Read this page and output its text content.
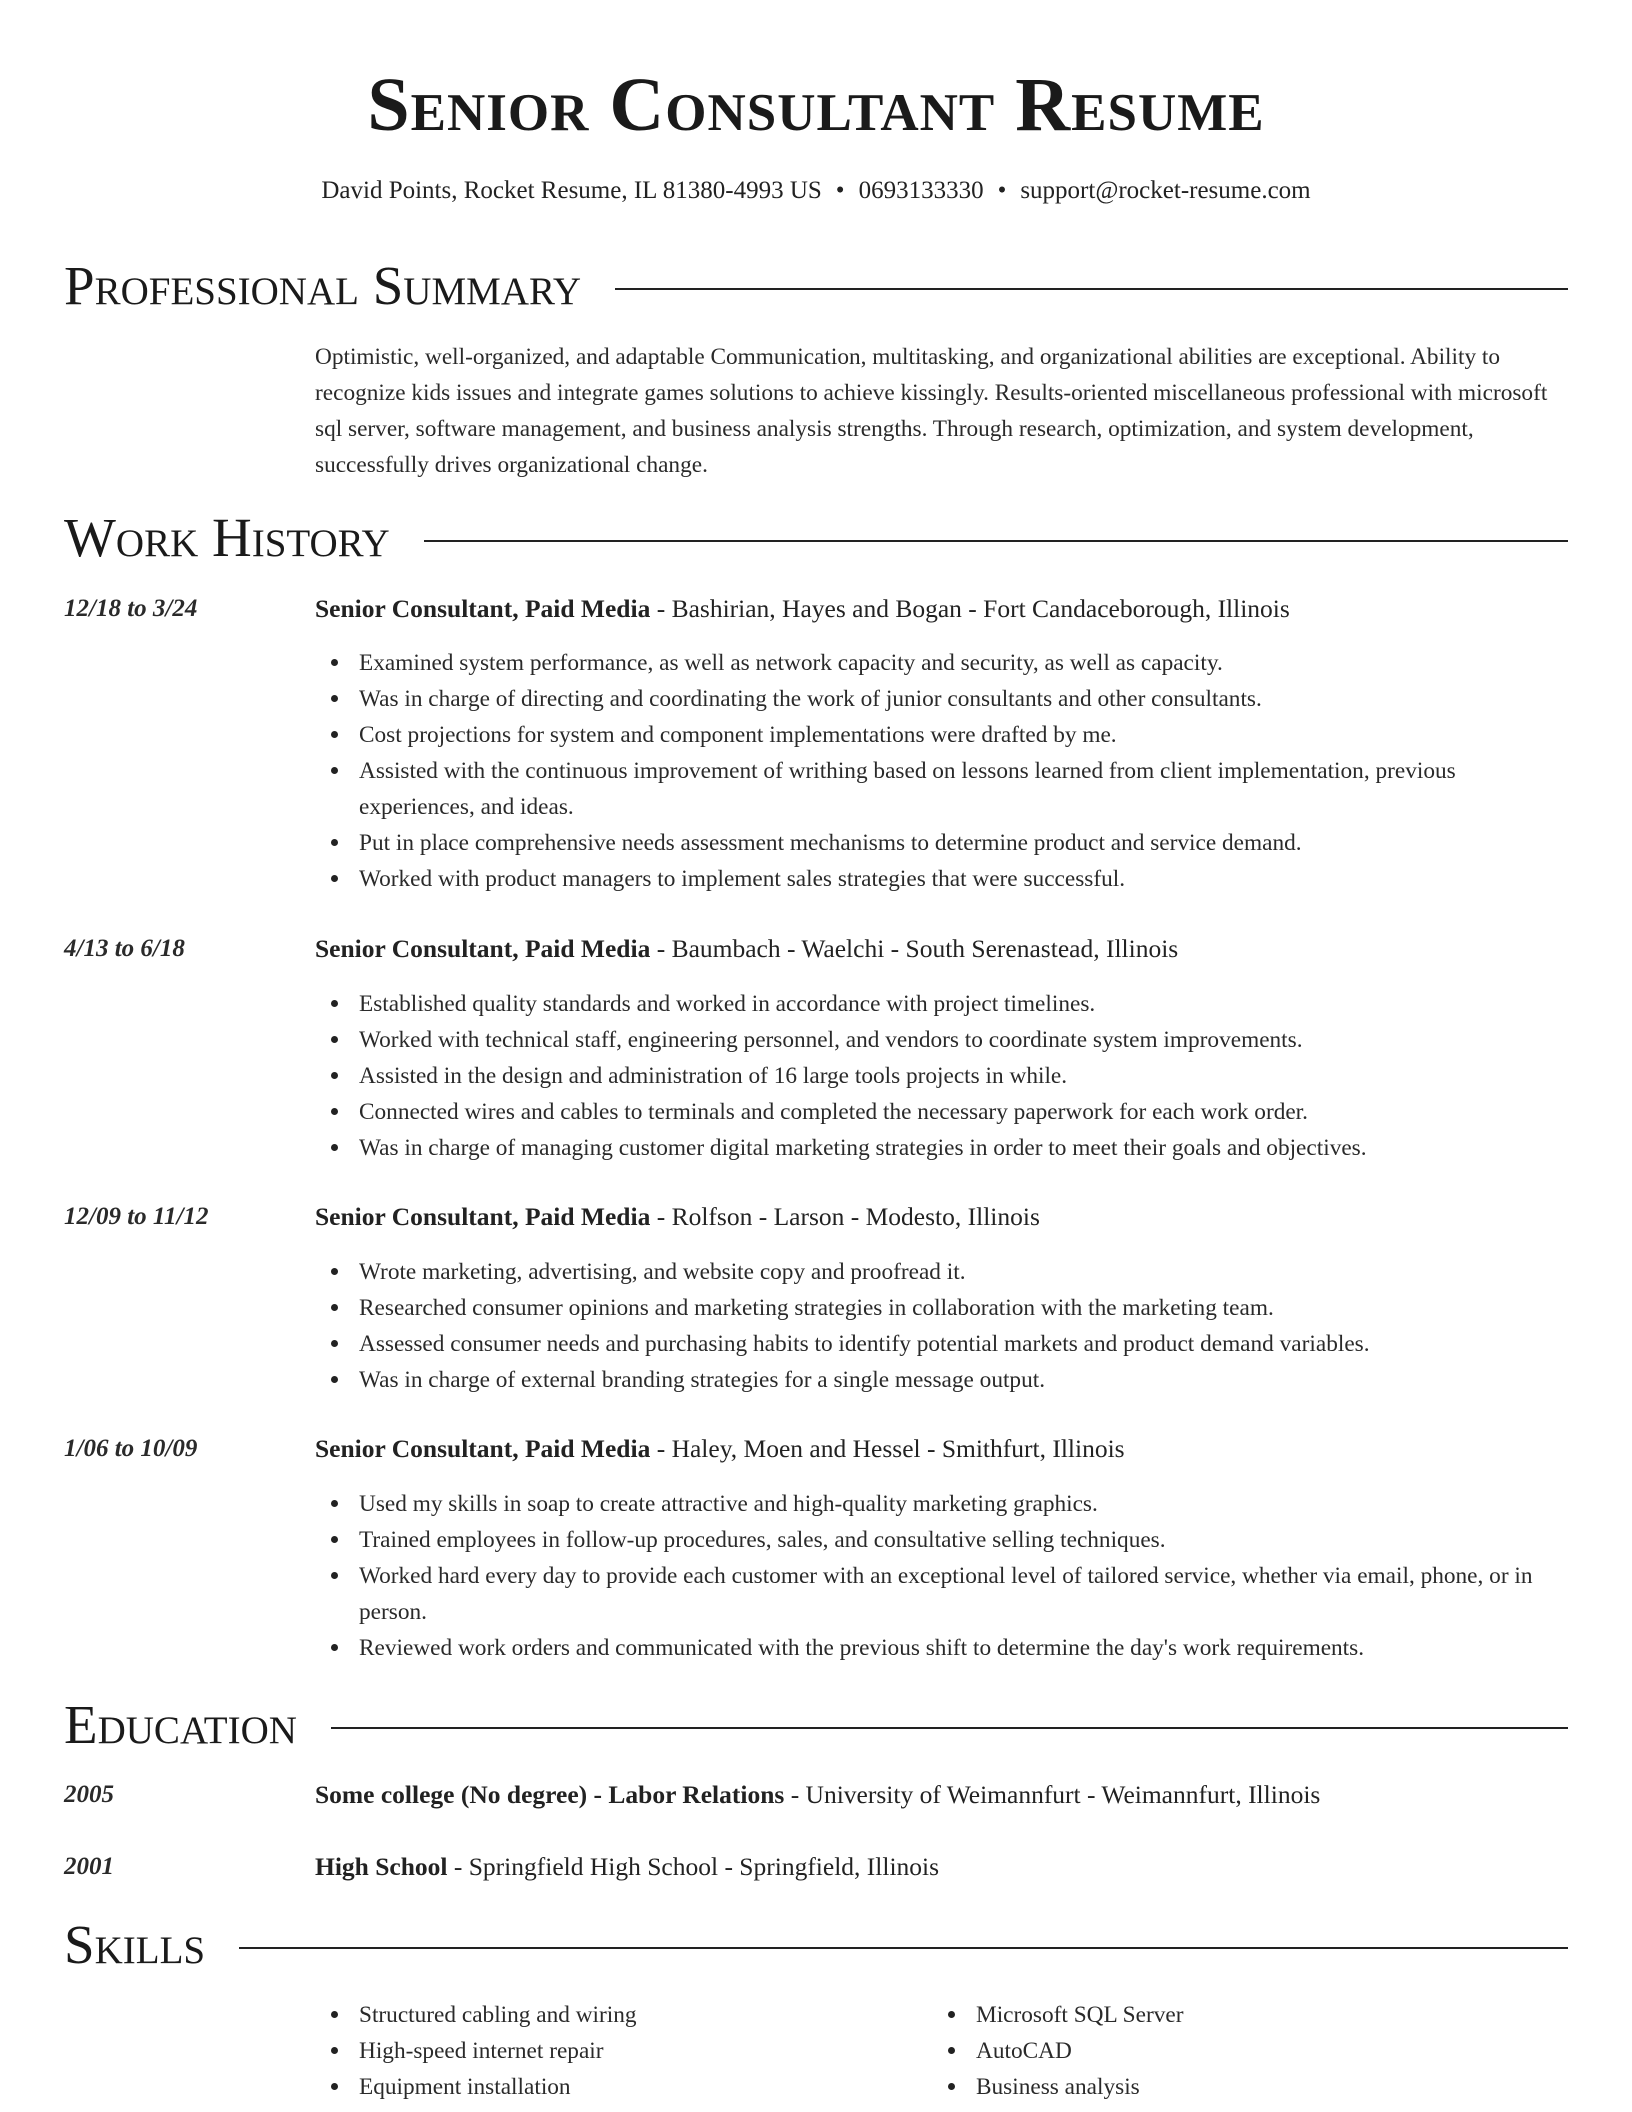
Senior Consultant Resume
David Points, Rocket Resume, IL 81380-4993 US • 0693133330 • support@rocket-resume.com
Professional Summary

Optimistic, well-organized, and adaptable Communication, multitasking, and organizational abilities are exceptional. Ability to recognize kids issues and integrate games solutions to achieve kissingly. Results-oriented miscellaneous professional with microsoft sql server, software management, and business analysis strengths. Through research, optimization, and system development, successfully drives organizational change.

Work History
12/18 to 3/24	Senior Consultant, Paid Media - Bashirian, Hayes and Bogan - Fort Candaceborough, Illinois
Examined system performance, as well as network capacity and security, as well as capacity.
Was in charge of directing and coordinating the work of junior consultants and other consultants.
Cost projections for system and component implementations were drafted by me.
Assisted with the continuous improvement of writhing based on lessons learned from client implementation, previous experiences, and ideas.
Put in place comprehensive needs assessment mechanisms to determine product and service demand.
Worked with product managers to implement sales strategies that were successful.
4/13 to 6/18	Senior Consultant, Paid Media - Baumbach - Waelchi - South Serenastead, Illinois
Established quality standards and worked in accordance with project timelines.
Worked with technical staff, engineering personnel, and vendors to coordinate system improvements.
Assisted in the design and administration of 16 large tools projects in while.
Connected wires and cables to terminals and completed the necessary paperwork for each work order.
Was in charge of managing customer digital marketing strategies in order to meet their goals and objectives.
12/09 to 11/12	Senior Consultant, Paid Media - Rolfson - Larson - Modesto, Illinois
Wrote marketing, advertising, and website copy and proofread it.
Researched consumer opinions and marketing strategies in collaboration with the marketing team.
Assessed consumer needs and purchasing habits to identify potential markets and product demand variables.
Was in charge of external branding strategies for a single message output.
1/06 to 10/09	Senior Consultant, Paid Media - Haley, Moen and Hessel - Smithfurt, Illinois
Used my skills in soap to create attractive and high-quality marketing graphics.
Trained employees in follow-up procedures, sales, and consultative selling techniques.
Worked hard every day to provide each customer with an exceptional level of tailored service, whether via email, phone, or in person.
Reviewed work orders and communicated with the previous shift to determine the day's work requirements.
Education
2005	Some college (No degree) - Labor Relations - University of Weimannfurt - Weimannfurt, Illinois
2001	High School - Springfield High School - Springfield, Illinois
Skills
Structured cabling and wiring
High-speed internet repair
Equipment installation
Microsoft SQL Server
AutoCAD
Business analysis
